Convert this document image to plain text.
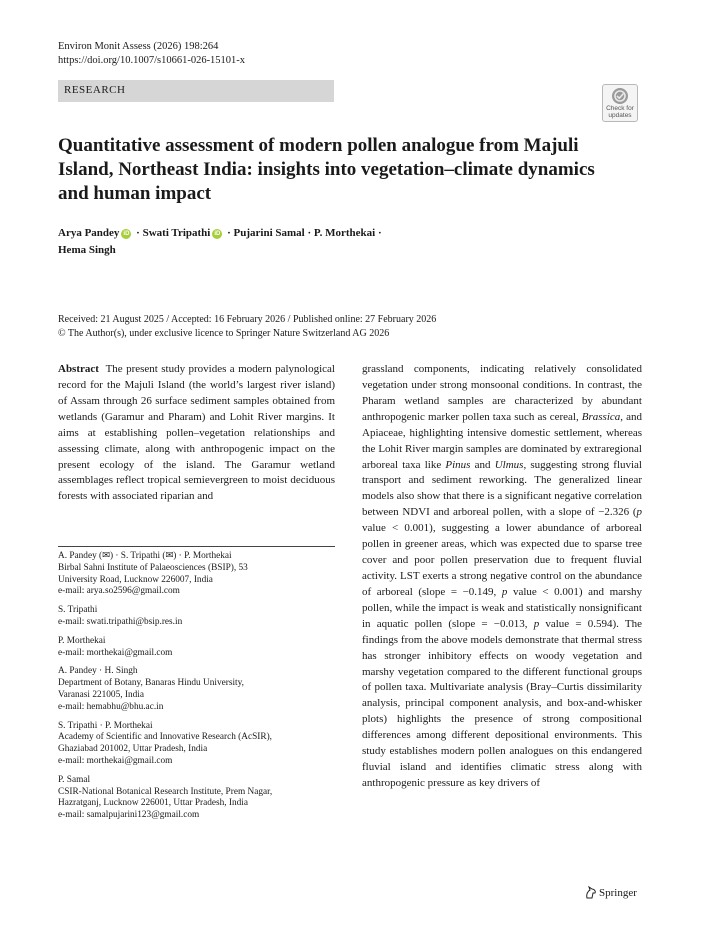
Environ Monit Assess (2026) 198:264
https://doi.org/10.1007/s10661-026-15101-x
RESEARCH
Check for updates
Quantitative assessment of modern pollen analogue from Majuli Island, Northeast India: insights into vegetation–climate dynamics and human impact
Arya Pandey iD · Swati Tripathi iD · Pujarini Samal · P. Morthekai ·
Hema Singh
Received: 21 August 2025 / Accepted: 16 February 2026 / Published online: 27 February 2026
© The Author(s), under exclusive licence to Springer Nature Switzerland AG 2026

Abstract The present study provides a modern palynological record for the Majuli Island (the world’s largest river island) of Assam through 26 surface sediment samples obtained from wetlands (Garamur and Pharam) and Lohit River margins. It aims at establishing pollen–vegetation relationships and assessing climate, along with anthropogenic impact on the present ecology of the island. The Garamur wetland assemblages reflect tropical semievergreen to moist deciduous forests with associated riparian and

A. Pandey (✉) · S. Tripathi (✉) · P. Morthekai
Birbal Sahni Institute of Palaeosciences (BSIP), 53
University Road, Lucknow 226007, India
e-mail: arya.so2596@gmail.com
S. Tripathi
e-mail: swati.tripathi@bsip.res.in
P. Morthekai
e-mail: morthekai@gmail.com
A. Pandey · H. Singh
Department of Botany, Banaras Hindu University,
Varanasi 221005, India
e-mail: hemabhu@bhu.ac.in
S. Tripathi · P. Morthekai
Academy of Scientific and Innovative Research (AcSIR),
Ghaziabad 201002, Uttar Pradesh, India
e-mail: morthekai@gmail.com
P. Samal
CSIR-National Botanical Research Institute, Prem Nagar,
Hazratganj, Lucknow 226001, Uttar Pradesh, India
e-mail: samalpujarini123@gmail.com

grassland components, indicating relatively consolidated vegetation under strong monsoonal conditions. In contrast, the Pharam wetland samples are characterized by abundant anthropogenic marker pollen taxa such as cereal, Brassica, and Apiaceae, highlighting intensive domestic settlement, whereas the Lohit River margin samples are dominated by extraregional arboreal taxa like Pinus and Ulmus, suggesting strong fluvial transport and sediment reworking. The generalized linear models also show that there is a significant negative correlation between NDVI and arboreal pollen, with a slope of −2.326 (p value < 0.001), suggesting a lower abundance of arboreal pollen in greener areas, which was expected due to sparse tree cover and poor pollen preservation due to frequent fluvial activity. LST exerts a strong negative control on the abundance of arboreal (slope = −0.149, p value < 0.001) and marshy pollen, while the impact is weak and statistically nonsignificant in aquatic pollen (slope = −0.013, p value = 0.594). The findings from the above models demonstrate that thermal stress has stronger inhibitory effects on woody vegetation and marshy vegetation compared to the different functional groups of pollen taxa. Multivariate analysis (Bray–Curtis dissimilarity analysis, principal component analysis, and box-and-whisker plots) highlights the presence of strong compositional differences among different depositional environments. This study establishes modern pollen analogues on this endangered fluvial island and identifies climatic stress along with anthropogenic pressure as key drivers of

Springer
